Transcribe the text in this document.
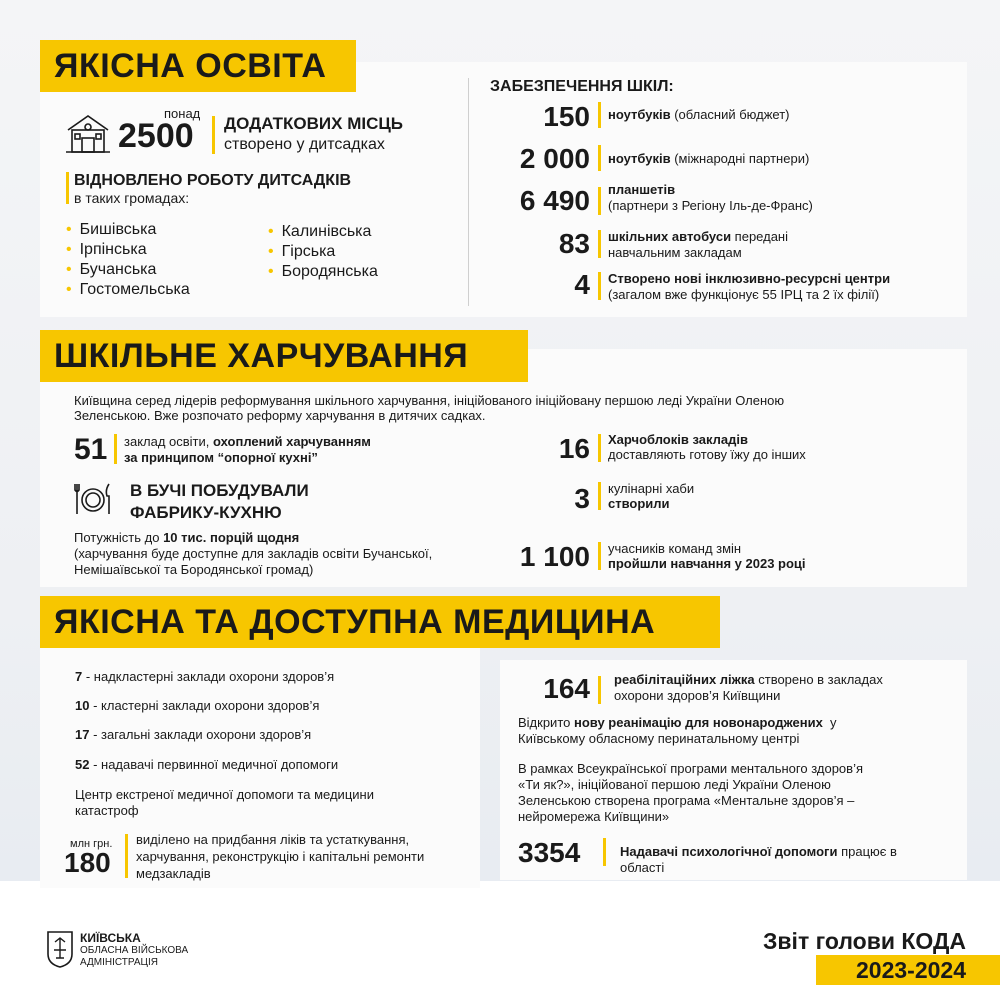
ЯКІСНА ОСВІТА
понад
2500 ДОДАТКОВИХ МІСЦЬ
створено у дитсадках
ВІДНОВЛЕНО РОБОТУ ДИТСАДКІВ
в таких громадах:
• Бишівська
• Ірпінська
• Бучанська
• Гостомельська
• Калинівська
• Гірська
• Бородянська
ЗАБЕЗПЕЧЕННЯ ШКІЛ:
150 ноутбуків (обласний бюджет)
2 000 ноутбуків (міжнародні партнери)
6 490 планшетів
(партнери з Регіону Іль-де-Франс)
83 шкільних автобуси передані
навчальним закладам
4 Створено нові інклюзивно-ресурсні центри
(загалом вже функціонує 55 ІРЦ та 2 їх філії)
ШКІЛЬНЕ ХАРЧУВАННЯ
Київщина серед лідерів реформування шкільного харчування, ініційованого ініційовану першою леді України Оленою
Зеленською. Вже розпочато реформу харчування в дитячих садках.
51 заклад освіти, охоплений харчуванням
за принципом “опорної кухні”
В БУЧІ ПОБУДУВАЛИ
ФАБРИКУ-КУХНЮ
Потужність до 10 тис. порцій щодня
(харчування буде доступне для закладів освіти Бучанської,
Немішаївської та Бородянської громад)
16 Харчоблоків закладів
доставляють готову їжу до інших
3 кулінарні хаби
створили
1 100 учасників команд змін
пройшли навчання у 2023 році
ЯКІСНА ТА ДОСТУПНА МЕДИЦИНА
7 - надкластерні заклади охорони здоров’я
10 - кластерні заклади охорони здоров’я
17 - загальні заклади охорони здоров’я
52 - надавачі первинної медичної допомоги
Центр екстреної медичної допомоги та медицини
катастроф
млн грн.
180
виділено на придбання ліків та устаткування,
харчування, реконструкцію і капітальні ремонти
медзакладів
164 реабілітаційних ліжка створено в закладах
охорони здоров’я Київщини
Відкрито нову реанімацію для новонароджених  у
Київському обласному перинатальному центрі
В рамках Всеукраїнської програми ментального здоров’я
«Ти як?», ініційованої першою леді України Оленою
Зеленською створена програма «Ментальне здоров’я –
нейромережа Київщини»
3354	Надавачі психологічної допомоги працює в
області
КИЇВСЬКА
ОБЛАСНА ВІЙСЬКОВА
АДМІНІСТРАЦІЯ
Звіт голови КОДА
2023-2024
